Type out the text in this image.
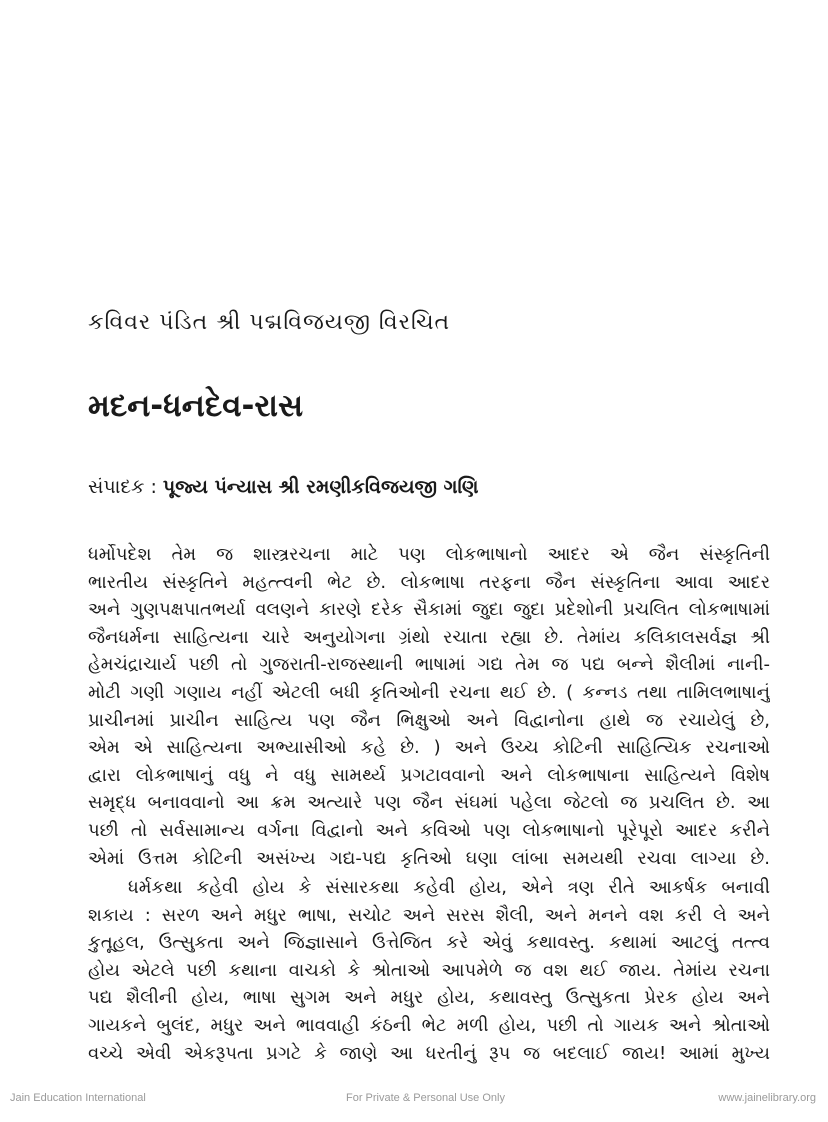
કવિવર પંડિત શ્રી પદ્મવિજયજી વિરચિત
મદન-ધનદેવ-રાસ
સંપાદક : પૂજ્ય પંન્યાસ શ્રી રમણીકવિજયજી ગણિ
ધર્મોપદેશ તેમ જ શાસ્ત્રરચના માટે પણ લોકભાષાનો આદર એ જૈન સંસ્કૃતિની
ભારતીય સંસ્કૃતિને મહત્ત્વની ભેટ છે. લોકભાષા તરફના જૈન સંસ્કૃતિના આવા આદર
અને ગુણપક્ષપાતભર્યા વલણને કારણે દરેક સૈકામાં જુદા જુદા પ્રદેશોની પ્રચલિત લોકભાષામાં
જૈનધર્મના સાહિત્યના ચારે અનુયોગના ગ્રંથો રચાતા રહ્યા છે. તેમાંય કલિકાલસર્વજ્ઞ શ્રી
હેમચંદ્રાચાર્ય પછી તો ગુજરાતી-રાજસ્થાની ભાષામાં ગદ્ય તેમ જ પદ્ય બન્ને શૈલીમાં નાની-
મોટી ગણી ગણાય નહીં એટલી બધી કૃતિઓની રચના થઈ છે. ( કન્નડ તથા તામિલભાષાનું
પ્રાચીનમાં પ્રાચીન સાહિત્ય પણ જૈન ભિક્ષુઓ અને વિદ્વાનોના હાથે જ રચાયેલું છે,
એમ એ સાહિત્યના અભ્યાસીઓ કહે છે. ) અને ઉચ્ચ કોટિની સાહિત્યિક રચનાઓ
દ્વારા લોકભાષાનું વધુ ને વધુ સામર્થ્ય પ્રગટાવવાનો અને લોકભાષાના સાહિત્યને વિશેષ
સમૃદ્ધ બનાવવાનો આ ક્રમ અત્યારે પણ જૈન સંઘમાં પહેલા જેટલો જ પ્રચલિત છે. આ
પછી તો સર્વસામાન્ય વર્ગના વિદ્વાનો અને કવિઓ પણ લોકભાષાનો પૂરેપૂરો આદર કરીને
એમાં ઉત્તમ કોટિની અસંખ્ય ગદ્ય-પદ્ય કૃતિઓ ઘણા લાંબા સમયથી રચવા લાગ્યા છે.
ધર્મકથા કહેવી હોય કે સંસારકથા કહેવી હોય, એને ત્રણ રીતે આકર્ષક બનાવી
શકાય : સરળ અને મધુર ભાષા, સચોટ અને સરસ શૈલી, અને મનને વશ કરી લે અને
કુતૂહલ, ઉત્સુકતા અને જિજ્ઞાસાને ઉત્તેજિત કરે એવું કથાવસ્તુ. કથામાં આટલું તત્ત્વ
હોય એટલે પછી કથાના વાચકો કે શ્રોતાઓ આપમેળે જ વશ થઈ જાય. તેમાંય રચના
પદ્ય શૈલીની હોય, ભાષા સુગમ અને મધુર હોય, કથાવસ્તુ ઉત્સુકતા પ્રેરક હોય અને
ગાયકને બુલંદ, મધુર અને ભાવવાહી કંઠની ભેટ મળી હોય, પછી તો ગાયક અને શ્રોતાઓ
વચ્ચે એવી એકરૂપતા પ્રગટે કે જાણે આ ધરતીનું રૂપ જ બદલાઈ જાય! આમાં મુખ્ય
Jain Education International	For Private & Personal Use Only	www.jainelibrary.org
